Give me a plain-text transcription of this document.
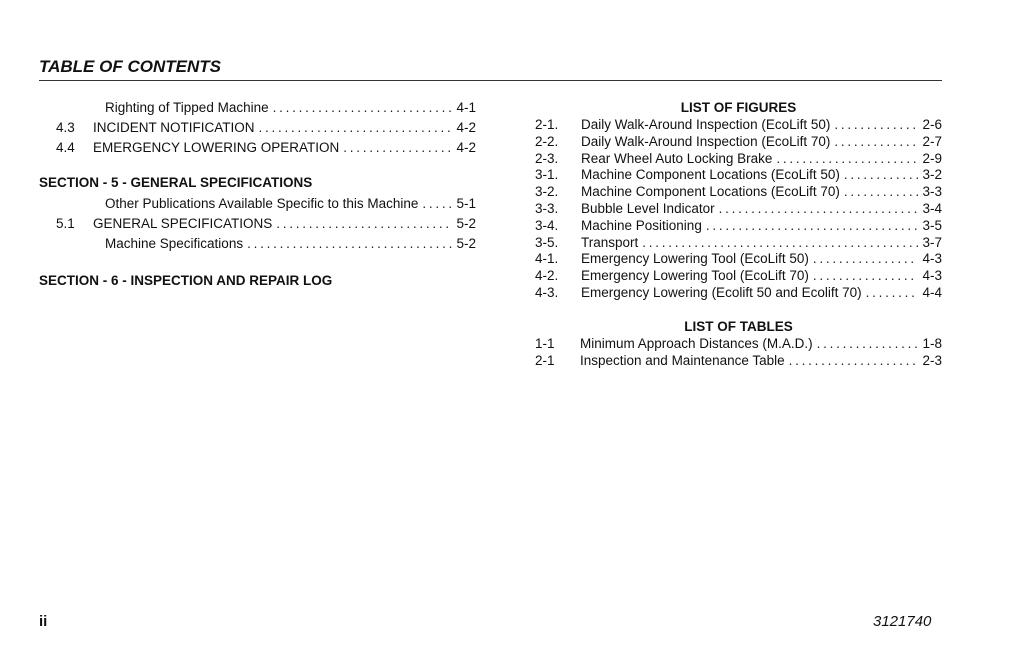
TABLE OF CONTENTS
Righting of Tipped Machine . . .	4-1
4.3	INCIDENT NOTIFICATION . . .	4-2
4.4	EMERGENCY LOWERING OPERATION . . .	4-2
SECTION - 5 - GENERAL SPECIFICATIONS
Other Publications Available Specific to this Machine . . .	5-1
5.1	GENERAL SPECIFICATIONS . . .	5-2
Machine Specifications . . .	5-2
SECTION - 6 - INSPECTION AND REPAIR LOG
LIST OF FIGURES
2-1.	Daily Walk-Around Inspection (EcoLift 50) . . .	2-6
2-2.	Daily Walk-Around Inspection (EcoLift 70) . . .	2-7
2-3.	Rear Wheel Auto Locking Brake . . .	2-9
3-1.	Machine Component Locations (EcoLift 50) . . .	3-2
3-2.	Machine Component Locations (EcoLift 70) . . .	3-3
3-3.	Bubble Level Indicator . . .	3-4
3-4.	Machine Positioning . . .	3-5
3-5.	Transport . . .	3-7
4-1.	Emergency Lowering Tool (EcoLift 50) . . .	4-3
4-2.	Emergency Lowering Tool (EcoLift 70) . . .	4-3
4-3.	Emergency Lowering (Ecolift 50 and Ecolift 70) . . .	4-4
LIST OF TABLES
1-1	Minimum Approach Distances (M.A.D.) . . .	1-8
2-1	Inspection and Maintenance Table . . .	2-3
ii	3121740
